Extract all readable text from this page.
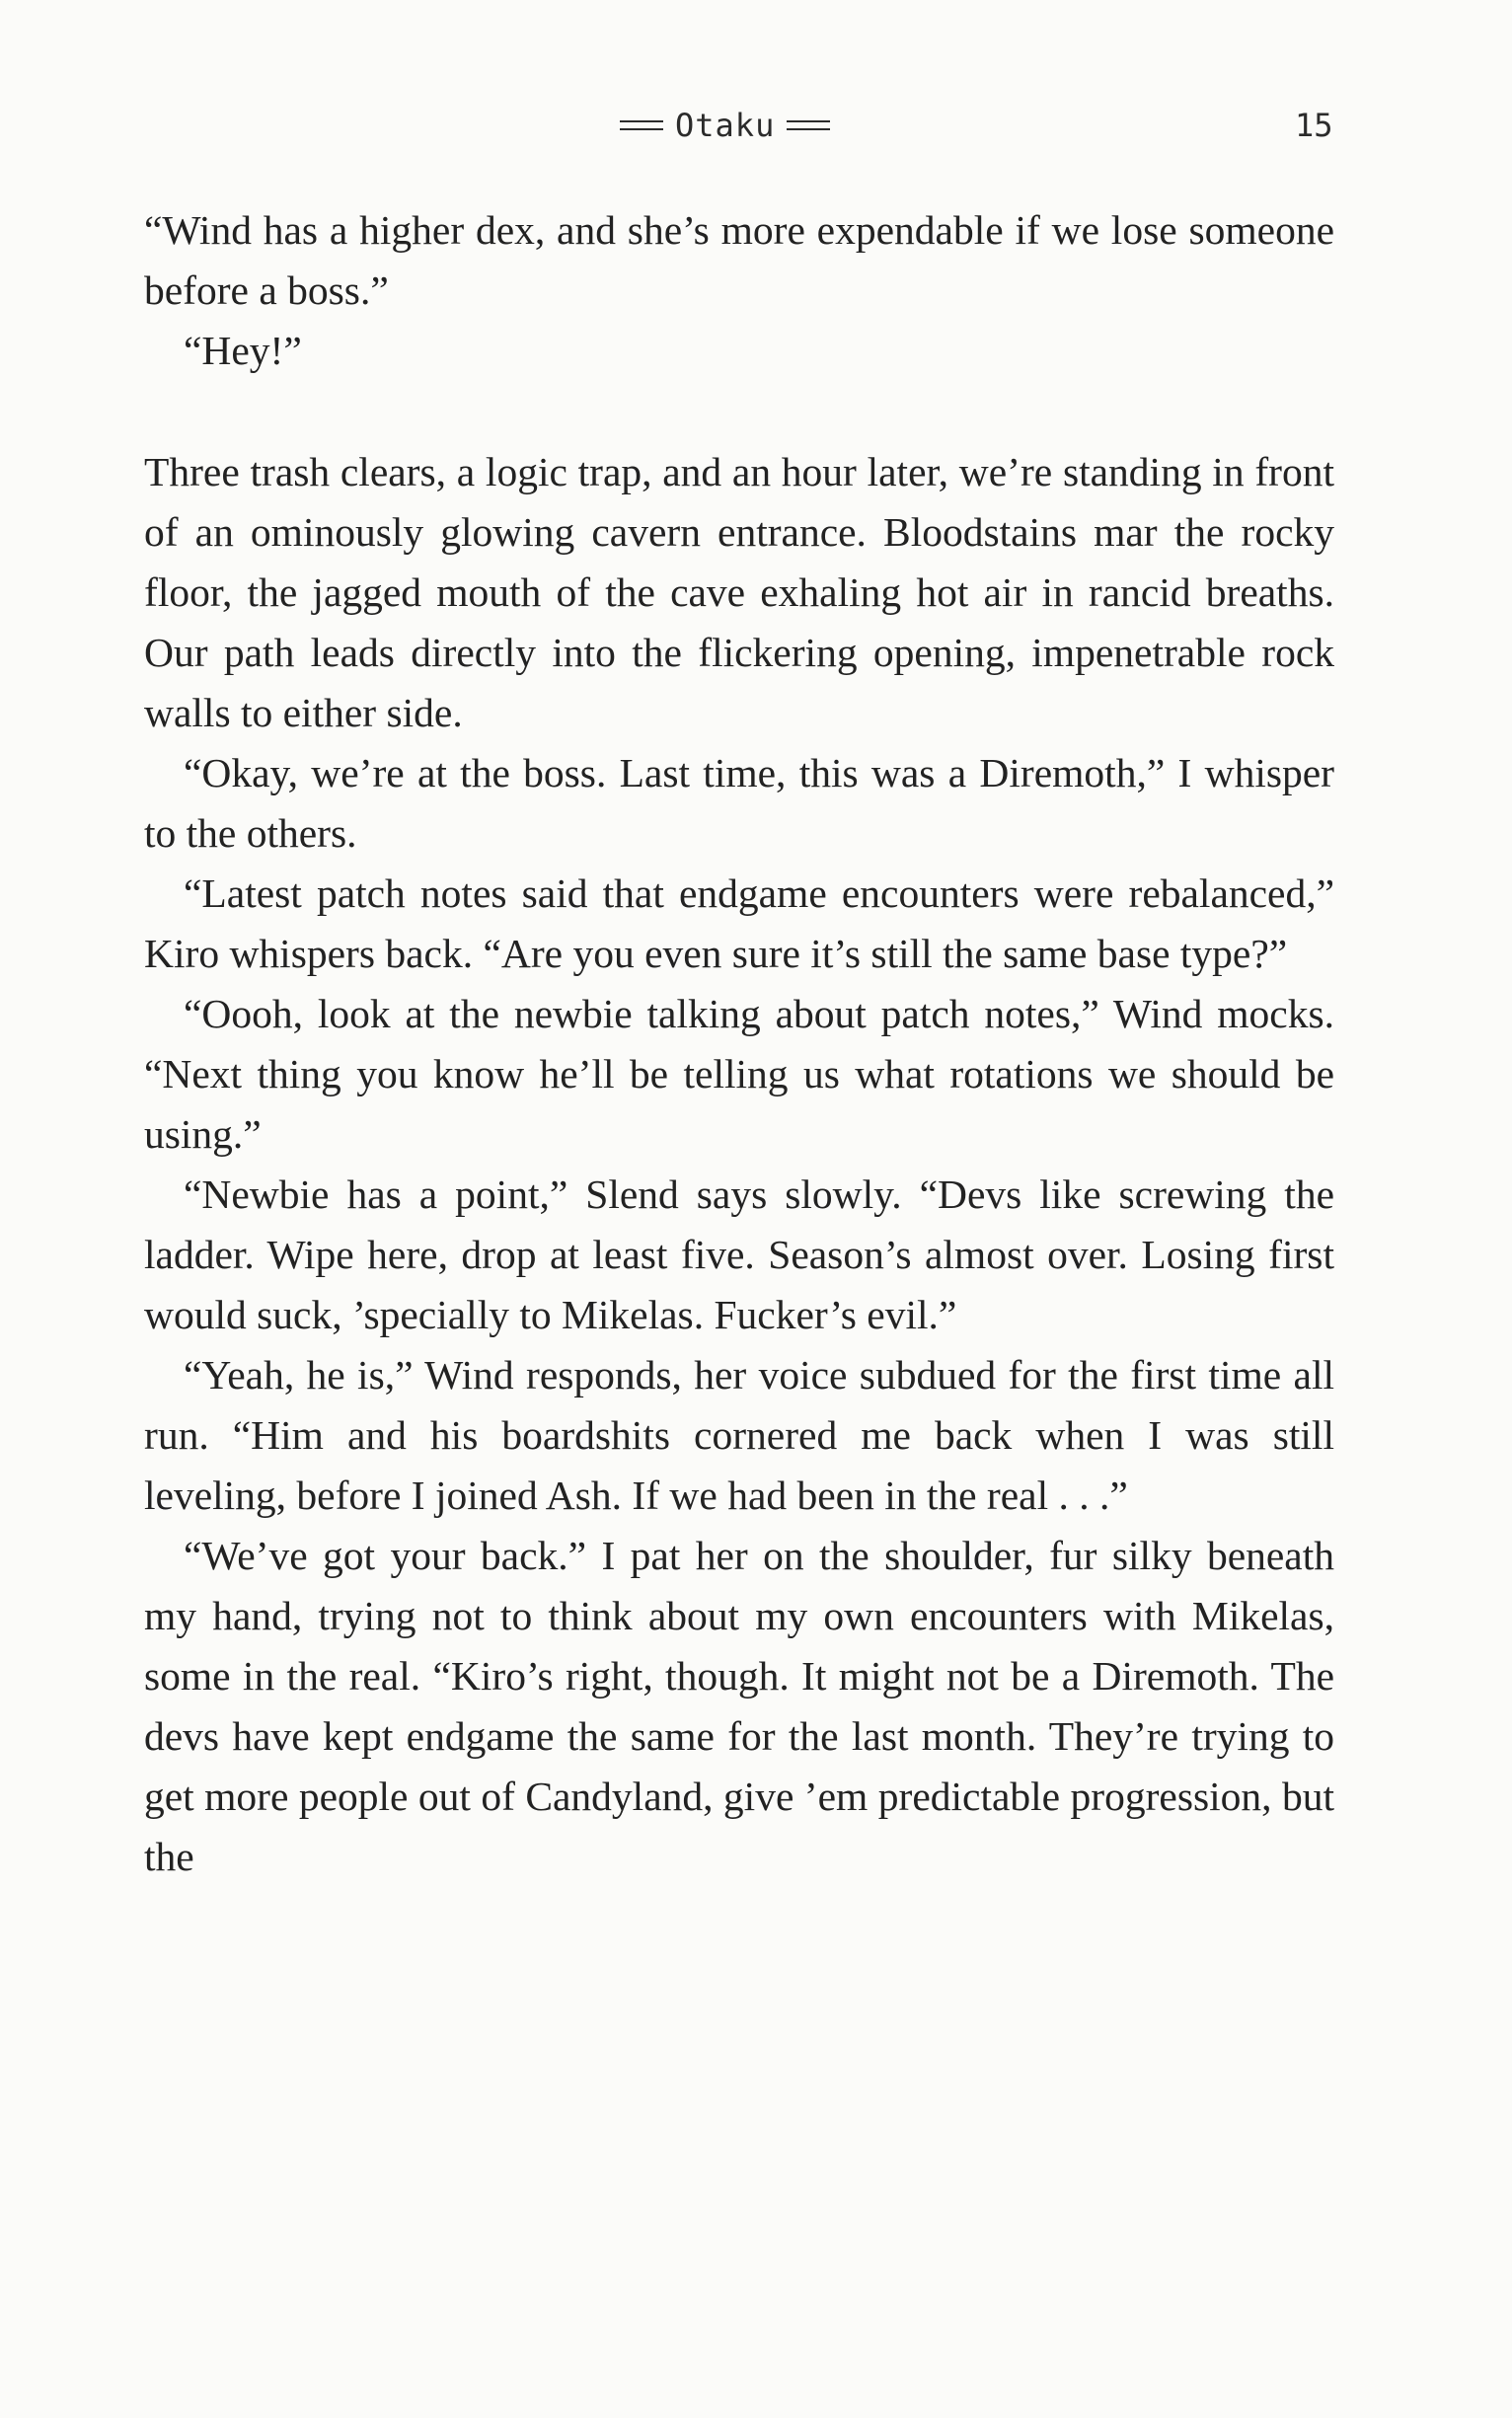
Otaku	15

“Wind has a higher dex, and she’s more expendable if we lose someone before a boss.”

“Hey!”

Three trash clears, a logic trap, and an hour later, we’re standing in front of an ominously glowing cavern entrance. Bloodstains mar the rocky floor, the jagged mouth of the cave exhaling hot air in rancid breaths. Our path leads directly into the flickering opening, impenetrable rock walls to either side.

“Okay, we’re at the boss. Last time, this was a Diremoth,” I whisper to the others.

“Latest patch notes said that endgame encounters were rebalanced,” Kiro whispers back. “Are you even sure it’s still the same base type?”

“Oooh, look at the newbie talking about patch notes,” Wind mocks. “Next thing you know he’ll be telling us what rotations we should be using.”

“Newbie has a point,” Slend says slowly. “Devs like screwing the ladder. Wipe here, drop at least five. Season’s almost over. Losing first would suck, ’specially to Mikelas. Fucker’s evil.”

“Yeah, he is,” Wind responds, her voice subdued for the first time all run. “Him and his boardshits cornered me back when I was still leveling, before I joined Ash. If we had been in the real . . .”

“We’ve got your back.” I pat her on the shoulder, fur silky beneath my hand, trying not to think about my own encounters with Mikelas, some in the real. “Kiro’s right, though. It might not be a Diremoth. The devs have kept endgame the same for the last month. They’re trying to get more people out of Candyland, give ’em predictable progression, but the
